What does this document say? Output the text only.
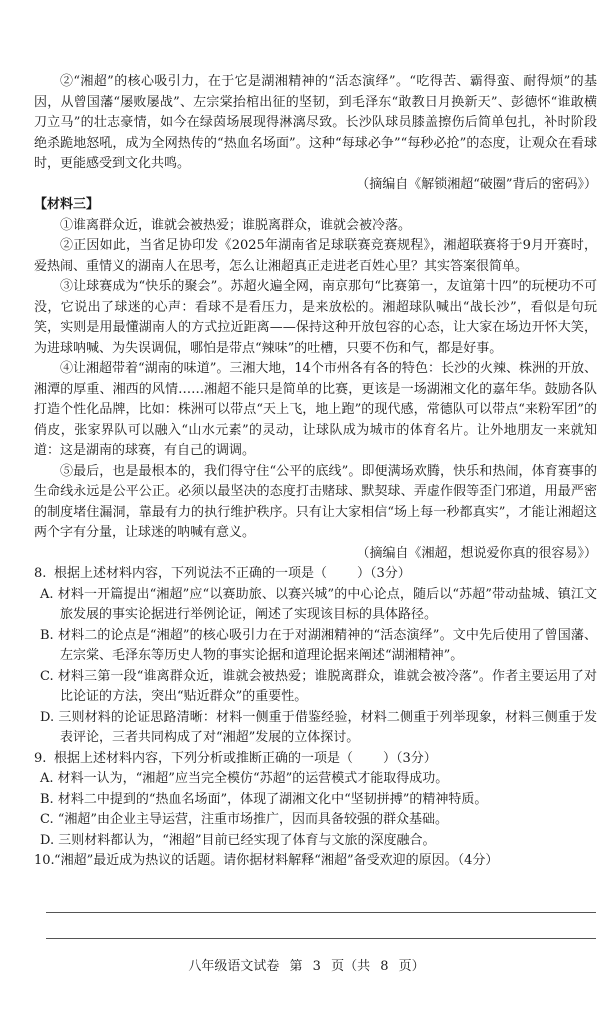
②“湘超”的核心吸引力，在于它是湖湘精神的“活态演绎”。“吃得苦、霸得蛮、耐得烦”的基因，从曾国藩“屡败屡战”、左宗棠抬棺出征的坚韧，到毛泽东“敢教日月换新天”、彭德怀“谁敢横刀立马”的壮志豪情，如今在绿茵场展现得淋漓尽致。长沙队球员膝盖擦伤后简单包扎，补时阶段绝杀跪地怒吼，成为全网热传的“热血名场面”。这种“每球必争”“每秒必抢”的态度，让观众在看球时，更能感受到文化共鸣。

（摘编自《解锁湘超“破圈”背后的密码》）

【材料三】

①谁离群众近，谁就会被热爱；谁脱离群众，谁就会被冷落。

②正因如此，当省足协印发《2025年湖南省足球联赛竞赛规程》，湘超联赛将于9月开赛时，爱热闹、重情义的湖南人在思考，怎么让湘超真正走进老百姓心里？其实答案很简单。

③让球赛成为“快乐的聚会”。苏超火遍全网，南京那句“比赛第一，友谊第十四”的玩梗功不可没，它说出了球迷的心声：看球不是看压力，是来放松的。湘超球队喊出“战长沙”，看似是句玩笑，实则是用最懂湖南人的方式拉近距离——保持这种开放包容的心态，让大家在场边开怀大笑，为进球呐喊、为失误调侃，哪怕是带点“辣味”的吐槽，只要不伤和气，都是好事。

④让湘超带着“湖南的味道”。三湘大地，14个市州各有各的特色：长沙的火辣、株洲的开放、湘潭的厚重、湘西的风情……湘超不能只是简单的比赛，更该是一场湖湘文化的嘉年华。鼓励各队打造个性化品牌，比如：株洲可以带点“天上飞，地上跑”的现代感，常德队可以带点“来粉军团”的俏皮，张家界队可以融入“山水元素”的灵动，让球队成为城市的体育名片。让外地朋友一来就知道：这是湖南的球赛，有自己的调调。

⑤最后，也是最根本的，我们得守住“公平的底线”。即便满场欢腾，快乐和热闹，体育赛事的生命线永远是公平公正。必须以最坚决的态度打击赌球、默契球、弄虚作假等歪门邪道，用最严密的制度堵住漏洞，靠最有力的执行维护秩序。只有让大家相信“场上每一秒都真实”，才能让湘超这两个字有分量，让球迷的呐喊有意义。

（摘编自《湘超，想说爱你真的很容易》）

8. 根据上述材料内容，下列说法不正确的一项是（ ）（3分）

A. 材料一开篇提出“湘超”应“以赛助旅、以赛兴城”的中心论点，随后以“苏超”带动盐城、镇江文旅发展的事实论据进行举例论证，阐述了实现该目标的具体路径。

B. 材料二的论点是“湘超”的核心吸引力在于对湖湘精神的“活态演绎”。文中先后使用了曾国藩、左宗棠、毛泽东等历史人物的事实论据和道理论据来阐述“湖湘精神”。

C. 材料三第一段“谁离群众近，谁就会被热爱；谁脱离群众，谁就会被冷落”。作者主要运用了对比论证的方法，突出“贴近群众”的重要性。

D. 三则材料的论证思路清晰：材料一侧重于借鉴经验，材料二侧重于列举现象，材料三侧重于发表评论，三者共同构成了对“湘超”发展的立体探讨。

9. 根据上述材料内容，下列分析或推断正确的一项是（ ）（3分）

A. 材料一认为，“湘超”应当完全模仿“苏超”的运营模式才能取得成功。

B. 材料二中提到的“热血名场面”，体现了湖湘文化中“坚韧拼搏”的精神特质。

C. “湘超”由企业主导运营，注重市场推广，因而具备较强的群众基础。

D. 三则材料都认为，“湘超”目前已经实现了体育与文旅的深度融合。

10.“湘超”最近成为热议的话题。请你据材料解释“湘超”备受欢迎的原因。（4分）

八年级语文试卷 第 3 页（共 8 页）
